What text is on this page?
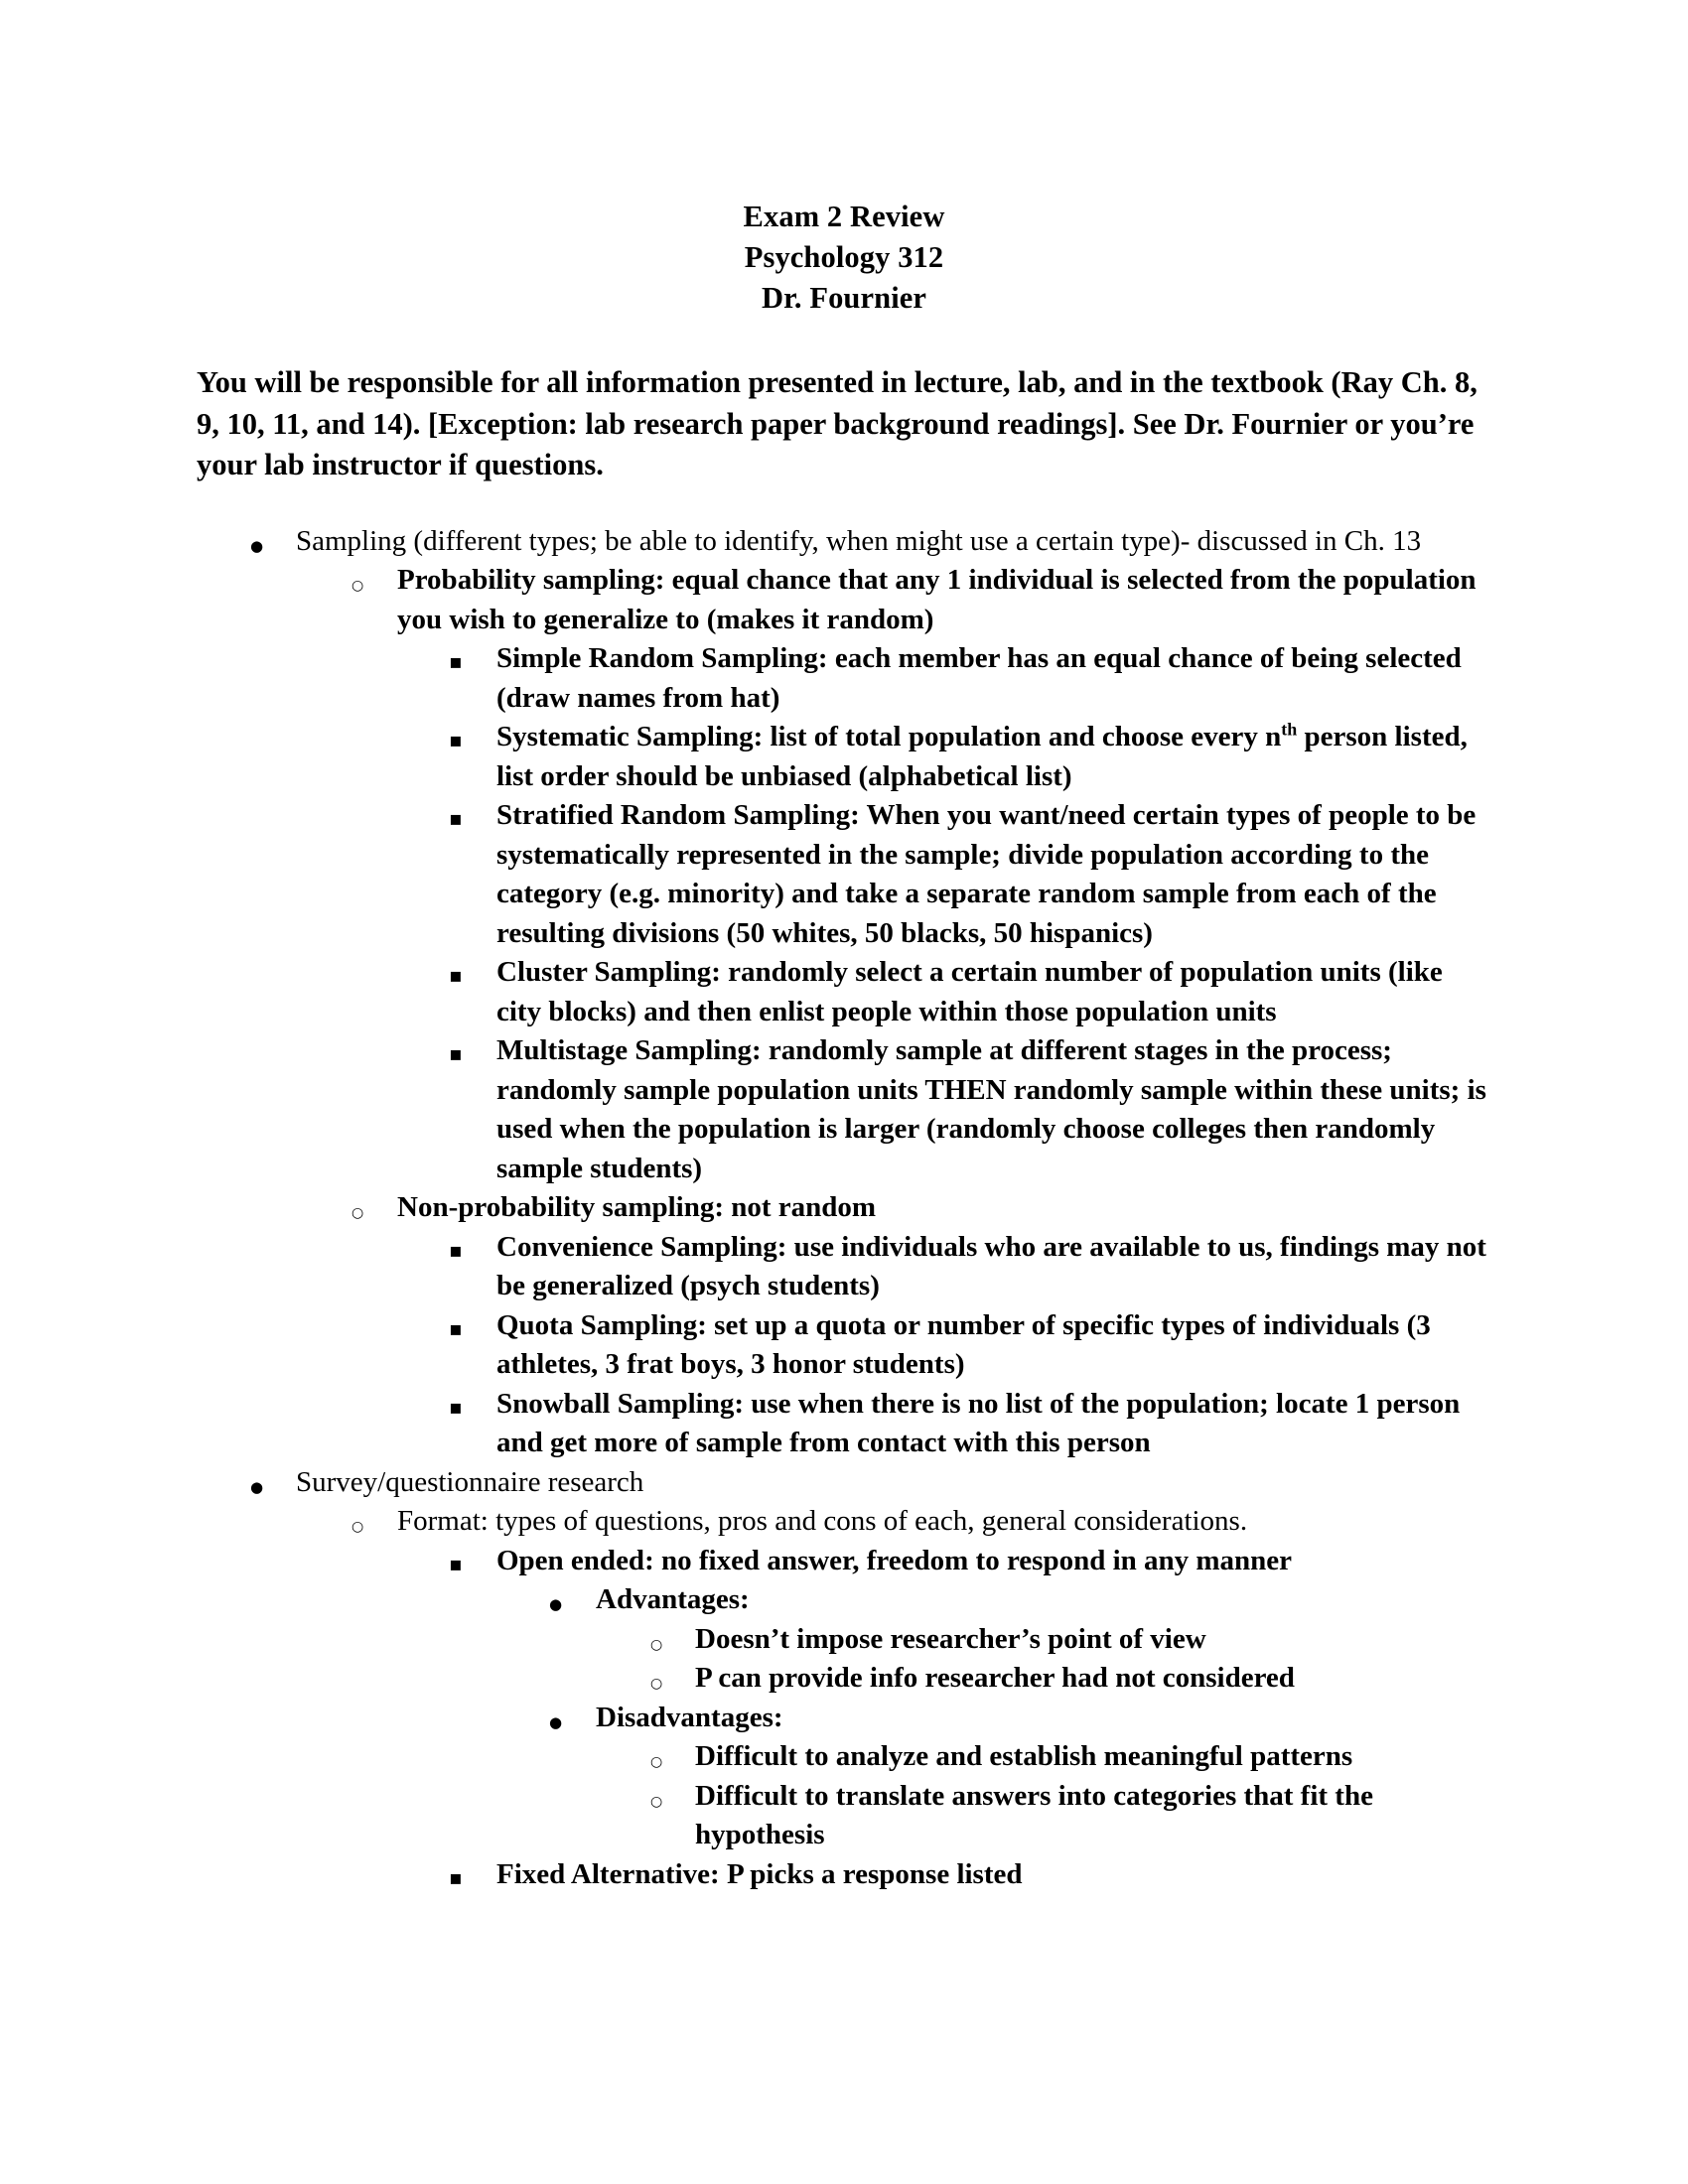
Exam 2 Review
Psychology 312
Dr. Fournier

You will be responsible for all information presented in lecture, lab, and in the textbook (Ray Ch. 8, 9, 10, 11, and 14). [Exception: lab research paper background readings]. See Dr. Fournier or you’re your lab instructor if questions.

●
Sampling (different types; be able to identify, when might use a certain type)- discussed in Ch. 13
○
Probability sampling: equal chance that any 1 individual is selected from the population you wish to generalize to (makes it random)
▪
Simple Random Sampling: each member has an equal chance of being selected (draw names from hat)
▪
Systematic Sampling: list of total population and choose every $n^{th}$ person listed, list order should be unbiased (alphabetical list)
▪
Stratified Random Sampling: When you want/need certain types of people to be systematically represented in the sample; divide population according to the category (e.g. minority) and take a separate random sample from each of the resulting divisions (50 whites, 50 blacks, 50 hispanics)
▪
Cluster Sampling: randomly select a certain number of population units (like city blocks) and then enlist people within those population units
▪
Multistage Sampling: randomly sample at different stages in the process; randomly sample population units THEN randomly sample within these units; is used when the population is larger (randomly choose colleges then randomly sample students)
○
Non-probability sampling: not random
▪
Convenience Sampling: use individuals who are available to us, findings may not be generalized (psych students)
▪
Quota Sampling: set up a quota or number of specific types of individuals (3 athletes, 3 frat boys, 3 honor students)
▪
Snowball Sampling: use when there is no list of the population; locate 1 person and get more of sample from contact with this person
●
Survey/questionnaire research
○
Format: types of questions, pros and cons of each, general considerations.
▪
Open ended: no fixed answer, freedom to respond in any manner
●
Advantages:
○
Doesn’t impose researcher’s point of view
○
P can provide info researcher had not considered
●
Disadvantages:
○
Difficult to analyze and establish meaningful patterns
○
Difficult to translate answers into categories that fit the hypothesis
▪
Fixed Alternative: P picks a response listed
